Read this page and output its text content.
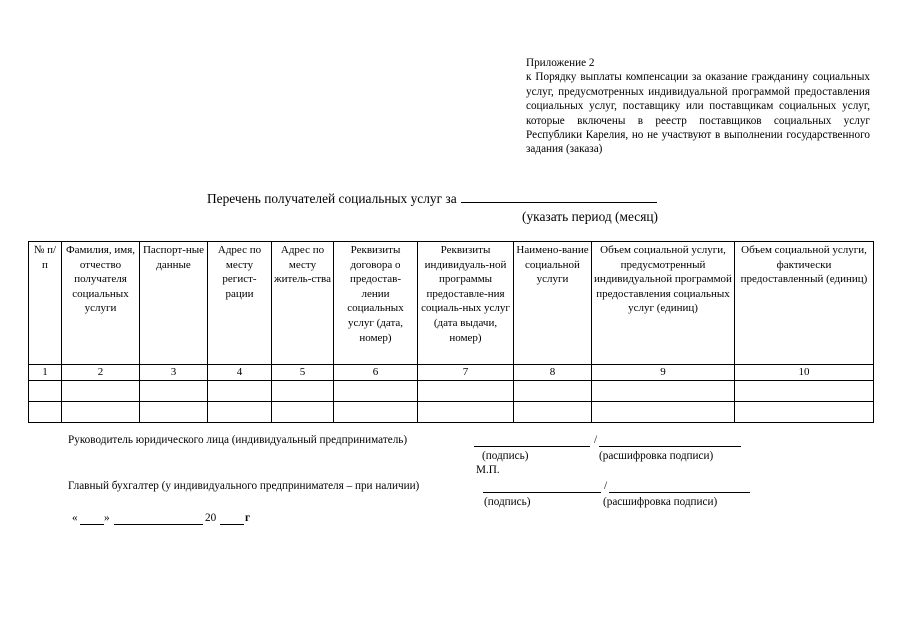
Приложение 2
к Порядку выплаты компенсации за оказание гражданину социальных услуг, предусмотренных индивидуальной программой предоставления социальных услуг, поставщику или поставщикам социальных услуг, которые включены в реестр поставщиков социальных услуг Республики Карелия, но не участвуют в выполнении государственного задания (заказа)
Перечень получателей социальных услуг за
(указать период (месяц)
№ п/п	Фамилия, имя, отчество получателя социальных услуги	Паспорт-ные данные	Адрес по месту регист-рации	Адрес по месту житель-ства	Реквизиты договора о предостав-лении социальных услуг (дата, номер)	Реквизиты индивидуаль-ной программы предоставле-ния социаль-ных услуг (дата выдачи, номер)	Наимено-вание социальной услуги	Объем социальной услуги, предусмотренный индивидуальной программой предоставления социальных услуг (единиц)	Объем социальной услуги, фактически предоставленный (единиц)
1	2	3	4	5	6	7	8	9	10

Руководитель юридического лица (индивидуальный предприниматель)	/
(подпись)	(расшифровка подписи)
М.П.
Главный бухгалтер (у индивидуального предпринимателя – при наличии)	/
(подпись)	(расшифровка подписи)
« »	20	г
